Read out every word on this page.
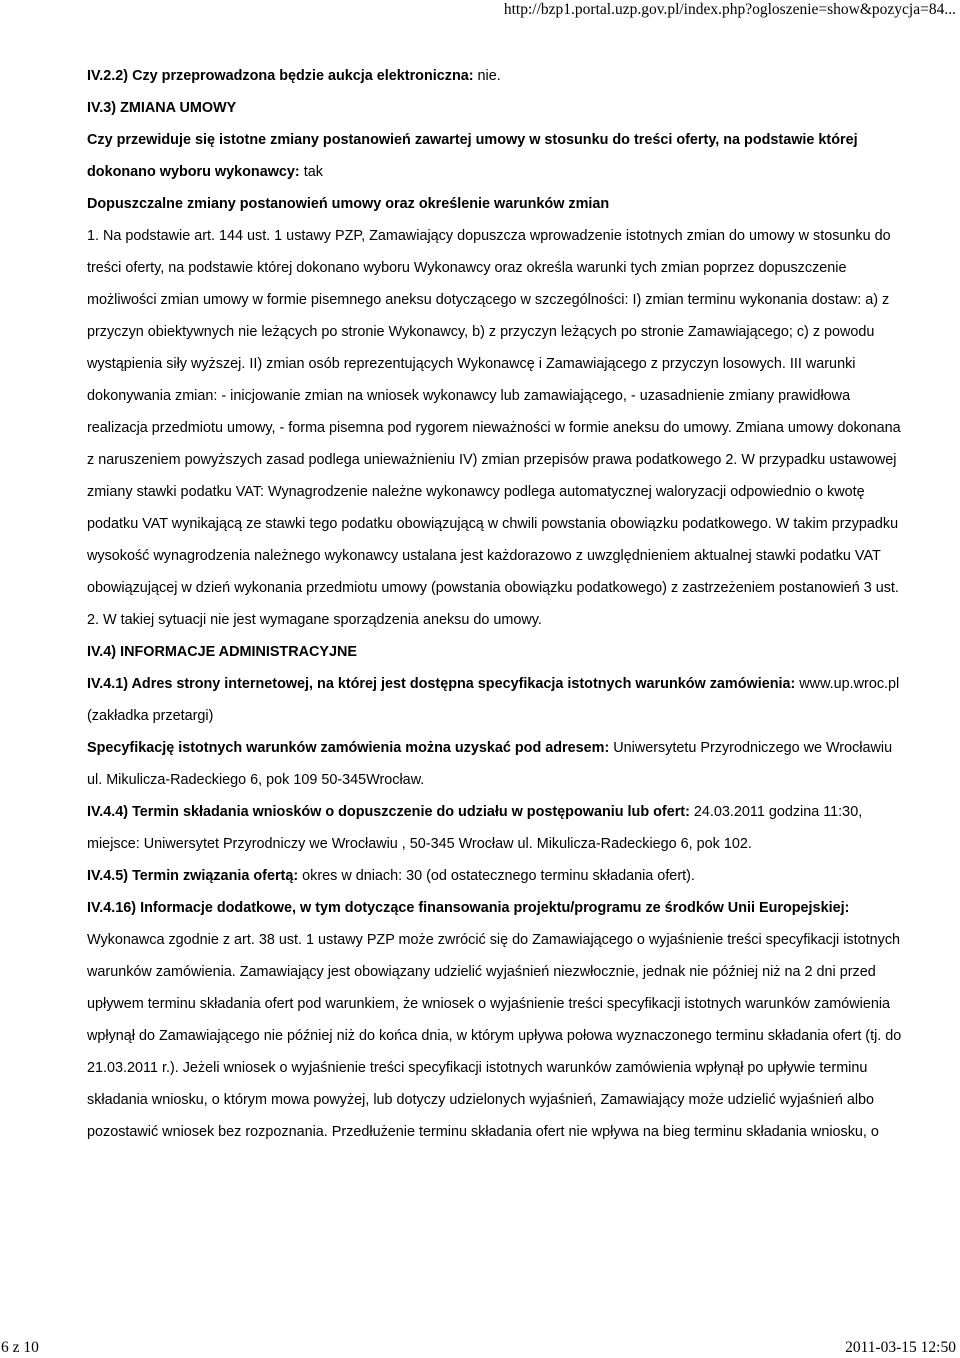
http://bzp1.portal.uzp.gov.pl/index.php?ogloszenie=show&pozycja=84...

IV.2.2) Czy przeprowadzona będzie aukcja elektroniczna: nie.

IV.3) ZMIANA UMOWY

Czy przewiduje się istotne zmiany postanowień zawartej umowy w stosunku do treści oferty, na podstawie której dokonano wyboru wykonawcy: tak

Dopuszczalne zmiany postanowień umowy oraz określenie warunków zmian

1. Na podstawie art. 144 ust. 1 ustawy PZP, Zamawiający dopuszcza wprowadzenie istotnych zmian do umowy w stosunku do treści oferty, na podstawie której dokonano wyboru Wykonawcy oraz określa warunki tych zmian poprzez dopuszczenie możliwości zmian umowy w formie pisemnego aneksu dotyczącego w szczególności: I) zmian terminu wykonania dostaw: a) z przyczyn obiektywnych nie leżących po stronie Wykonawcy, b) z przyczyn leżących po stronie Zamawiającego; c) z powodu wystąpienia siły wyższej. II) zmian osób reprezentujących Wykonawcę i Zamawiającego z przyczyn losowych. III warunki dokonywania zmian: - inicjowanie zmian na wniosek wykonawcy lub zamawiającego, - uzasadnienie zmiany prawidłowa realizacja przedmiotu umowy, - forma pisemna pod rygorem nieważności w formie aneksu do umowy. Zmiana umowy dokonana z naruszeniem powyższych zasad podlega unieważnieniu IV) zmian przepisów prawa podatkowego 2. W przypadku ustawowej zmiany stawki podatku VAT: Wynagrodzenie należne wykonawcy podlega automatycznej waloryzacji odpowiednio o kwotę podatku VAT wynikającą ze stawki tego podatku obowiązującą w chwili powstania obowiązku podatkowego. W takim przypadku wysokość wynagrodzenia należnego wykonawcy ustalana jest każdorazowo z uwzględnieniem aktualnej stawki podatku VAT obowiązującej w dzień wykonania przedmiotu umowy (powstania obowiązku podatkowego) z zastrzeżeniem postanowień 3 ust. 2. W takiej sytuacji nie jest wymagane sporządzenia aneksu do umowy.

IV.4) INFORMACJE ADMINISTRACYJNE

IV.4.1) Adres strony internetowej, na której jest dostępna specyfikacja istotnych warunków zamówienia: www.up.wroc.pl (zakładka przetargi)

Specyfikację istotnych warunków zamówienia można uzyskać pod adresem: Uniwersytetu Przyrodniczego we Wrocławiu ul. Mikulicza-Radeckiego 6, pok 109 50-345Wrocław.

IV.4.4) Termin składania wniosków o dopuszczenie do udziału w postępowaniu lub ofert: 24.03.2011 godzina 11:30, miejsce: Uniwersytet Przyrodniczy we Wrocławiu , 50-345 Wrocław ul. Mikulicza-Radeckiego 6, pok 102.

IV.4.5) Termin związania ofertą: okres w dniach: 30 (od ostatecznego terminu składania ofert).

IV.4.16) Informacje dodatkowe, w tym dotyczące finansowania projektu/programu ze środków Unii Europejskiej: Wykonawca zgodnie z art. 38 ust. 1 ustawy PZP może zwrócić się do Zamawiającego o wyjaśnienie treści specyfikacji istotnych warunków zamówienia. Zamawiający jest obowiązany udzielić wyjaśnień niezwłocznie, jednak nie później niż na 2 dni przed upływem terminu składania ofert pod warunkiem, że wniosek o wyjaśnienie treści specyfikacji istotnych warunków zamówienia wpłynął do Zamawiającego nie później niż do końca dnia, w którym upływa połowa wyznaczonego terminu składania ofert (tj. do 21.03.2011 r.). Jeżeli wniosek o wyjaśnienie treści specyfikacji istotnych warunków zamówienia wpłynął po upływie terminu składania wniosku, o którym mowa powyżej, lub dotyczy udzielonych wyjaśnień, Zamawiający może udzielić wyjaśnień albo pozostawić wniosek bez rozpoznania. Przedłużenie terminu składania ofert nie wpływa na bieg terminu składania wniosku, o

6 z 10	2011-03-15 12:50
